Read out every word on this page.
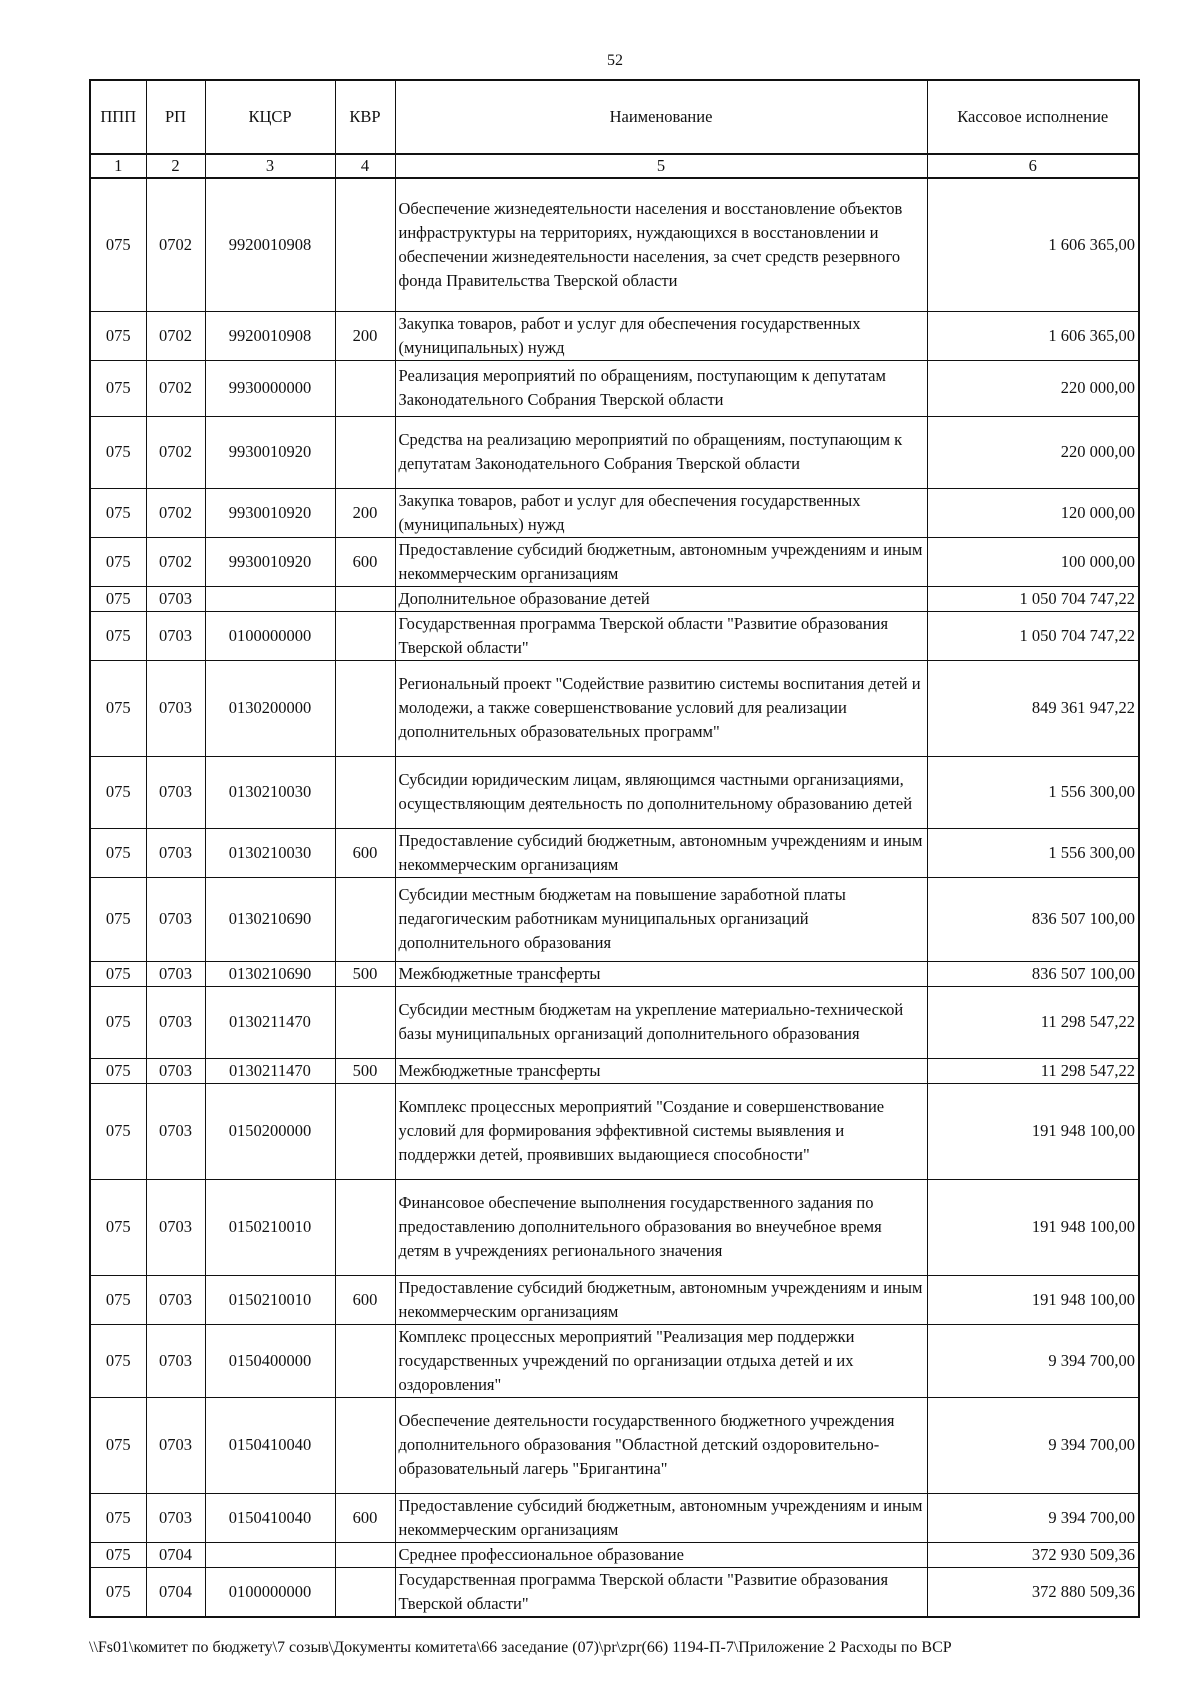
52
ППП	РП	КЦСР	КВР	Наименование	Кассовое исполнение
1	2	3	4	5	6
075	0702	9920010908		Обеспечение жизнедеятельности населения и восстановление объектов инфраструктуры на территориях, нуждающихся в восстановлении и обеспечении жизнедеятельности населения, за счет средств резервного фонда Правительства Тверской области	1 606 365,00
075	0702	9920010908	200	Закупка товаров, работ и услуг для обеспечения государственных (муниципальных) нужд	1 606 365,00
075	0702	9930000000		Реализация мероприятий по обращениям, поступающим к депутатам Законодательного Собрания Тверской области	220 000,00
075	0702	9930010920		Средства на реализацию мероприятий по обращениям, поступающим к депутатам Законодательного Собрания Тверской области	220 000,00
075	0702	9930010920	200	Закупка товаров, работ и услуг для обеспечения государственных (муниципальных) нужд	120 000,00
075	0702	9930010920	600	Предоставление субсидий бюджетным, автономным учреждениям и иным некоммерческим организациям	100 000,00
075	0703			Дополнительное образование детей	1 050 704 747,22
075	0703	0100000000		Государственная программа Тверской области "Развитие образования Тверской области"	1 050 704 747,22
075	0703	0130200000		Региональный проект "Содействие развитию системы воспитания детей и молодежи, а также совершенствование условий для реализации дополнительных образовательных программ"	849 361 947,22
075	0703	0130210030		Субсидии юридическим лицам, являющимся частными организациями, осуществляющим деятельность по дополнительному образованию детей	1 556 300,00
075	0703	0130210030	600	Предоставление субсидий бюджетным, автономным учреждениям и иным некоммерческим организациям	1 556 300,00
075	0703	0130210690		Субсидии местным бюджетам на повышение заработной платы педагогическим работникам муниципальных организаций дополнительного образования	836 507 100,00
075	0703	0130210690	500	Межбюджетные трансферты	836 507 100,00
075	0703	0130211470		Субсидии местным бюджетам на укрепление материально-технической базы муниципальных организаций дополнительного образования	11 298 547,22
075	0703	0130211470	500	Межбюджетные трансферты	11 298 547,22
075	0703	0150200000		Комплекс процессных мероприятий "Создание и совершенствование условий для формирования эффективной системы выявления и поддержки детей, проявивших выдающиеся способности"	191 948 100,00
075	0703	0150210010		Финансовое обеспечение выполнения государственного задания по предоставлению дополнительного образования во внеучебное время детям в учреждениях регионального значения	191 948 100,00
075	0703	0150210010	600	Предоставление субсидий бюджетным, автономным учреждениям и иным некоммерческим организациям	191 948 100,00
075	0703	0150400000		Комплекс процессных мероприятий "Реализация мер поддержки государственных учреждений по организации отдыха детей и их оздоровления"	9 394 700,00
075	0703	0150410040		Обеспечение деятельности государственного бюджетного учреждения дополнительного образования "Областной детский оздоровительно-образовательный лагерь "Бригантина"	9 394 700,00
075	0703	0150410040	600	Предоставление субсидий бюджетным, автономным учреждениям и иным некоммерческим организациям	9 394 700,00
075	0704			Среднее профессиональное образование	372 930 509,36
075	0704	0100000000		Государственная программа Тверской области "Развитие образования Тверской области"	372 880 509,36
\\Fs01\комитет по бюджету\7 созыв\Документы комитета\66 заседание (07)\pr\zpr(66) 1194-П-7\Приложение 2 Расходы по ВСР
